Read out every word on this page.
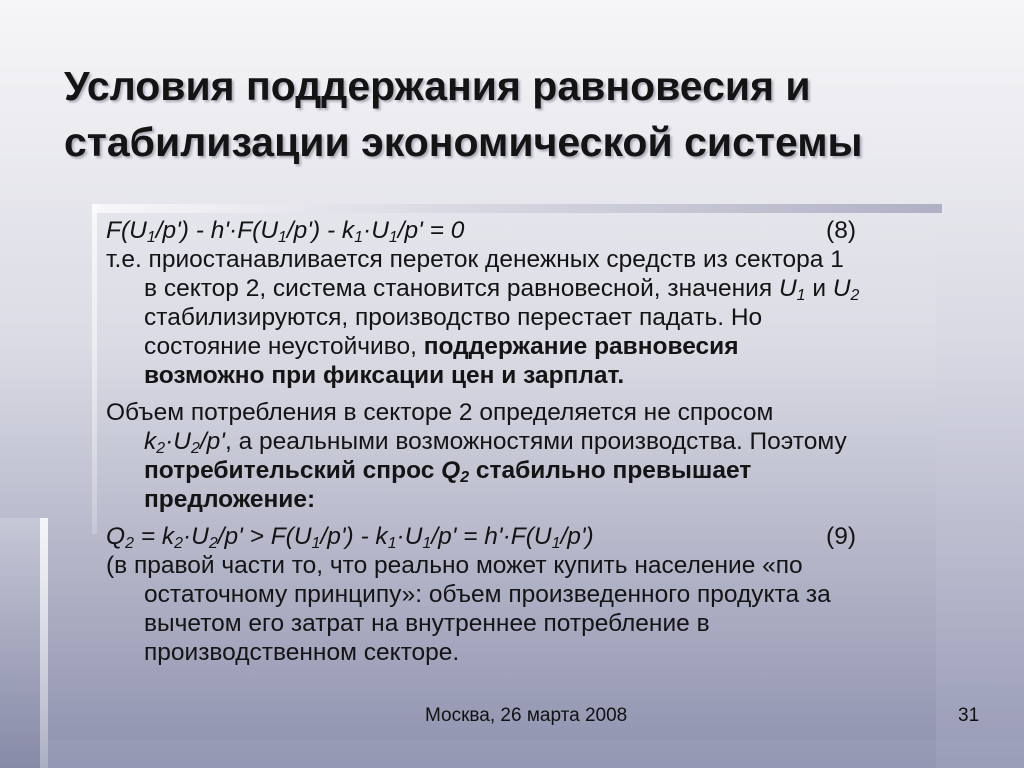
Условия поддержания равновесия и
стабилизации экономической системы
$F(U_1/p') - h'\cdot F(U_1/p') - k_1\cdot U_1/p' = 0$	(8)
т.е. приостанавливается переток денежных средств из сектора 1
в сектор 2, система становится равновесной, значения $U_1$ и $U_2$
стабилизируются, производство перестает падать. Но
состояние неустойчиво, поддержание равновесия
возможно при фиксации цен и зарплат.
Объем потребления в секторе 2 определяется не спросом
$k_2\cdot U_2/p'$, а реальными возможностями производства. Поэтому
потребительский спрос $Q_2$ стабильно превышает
предложение:
$Q_2 = k_2\cdot U_2/p' > F(U_1/p') - k_1\cdot U_1/p' = h'\cdot F(U_1/p')$	(9)
(в правой части то, что реально может купить население «по
остаточному принципу»: объем произведенного продукта за
вычетом его затрат на внутреннее потребление в
производственном секторе.
Москва, 26 марта 2008	31
